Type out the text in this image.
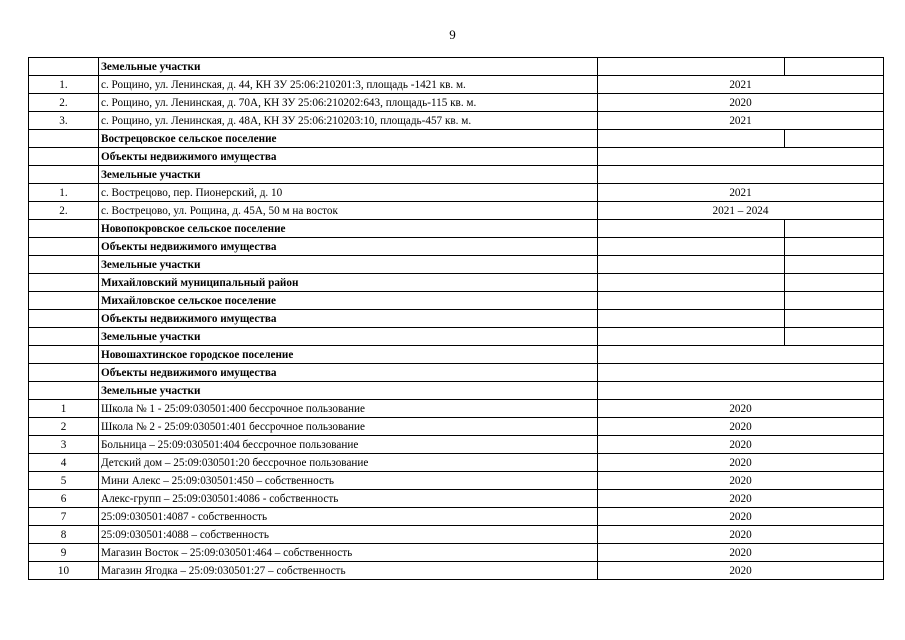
9
	Земельные участки		
1.	с. Рощино, ул. Ленинская, д. 44, КН ЗУ 25:06:210201:3, площадь -1421 кв. м.	2021	
2.	с. Рощино, ул. Ленинская, д. 70А, КН ЗУ 25:06:210202:643, площадь-115 кв. м.	2020	
3.	с. Рощино, ул. Ленинская, д. 48А, КН ЗУ 25:06:210203:10, площадь-457 кв. м.	2021	
	Вострецовское сельское поселение		
	Объекты недвижимого имущества		
	Земельные участки		
1.	с. Вострецово, пер. Пионерский, д. 10	2021	
2.	с. Вострецово, ул. Рощина, д. 45А, 50 м на восток	2021 – 2024	
	Новопокровское сельское поселение		
	Объекты недвижимого имущества		
	Земельные участки		
	Михайловский муниципальный район		
	Михайловское сельское поселение		
	Объекты недвижимого имущества		
	Земельные участки		
	Новошахтинское городское поселение		
	Объекты недвижимого имущества		
	Земельные участки		
1	Школа № 1 - 25:09:030501:400 бессрочное пользование	2020	
2	Школа № 2 - 25:09:030501:401 бессрочное пользование	2020	
3	Больница – 25:09:030501:404 бессрочное пользование	2020	
4	Детский дом – 25:09:030501:20 бессрочное пользование	2020	
5	Мини Алекс – 25:09:030501:450 – собственность	2020	
6	Алекс-групп – 25:09:030501:4086 - собственность	2020	
7	25:09:030501:4087 - собственность	2020	
8	25:09:030501:4088 – собственность	2020	
9	Магазин Восток – 25:09:030501:464 – собственность	2020	
10	Магазин Ягодка – 25:09:030501:27 – собственность	2020	
